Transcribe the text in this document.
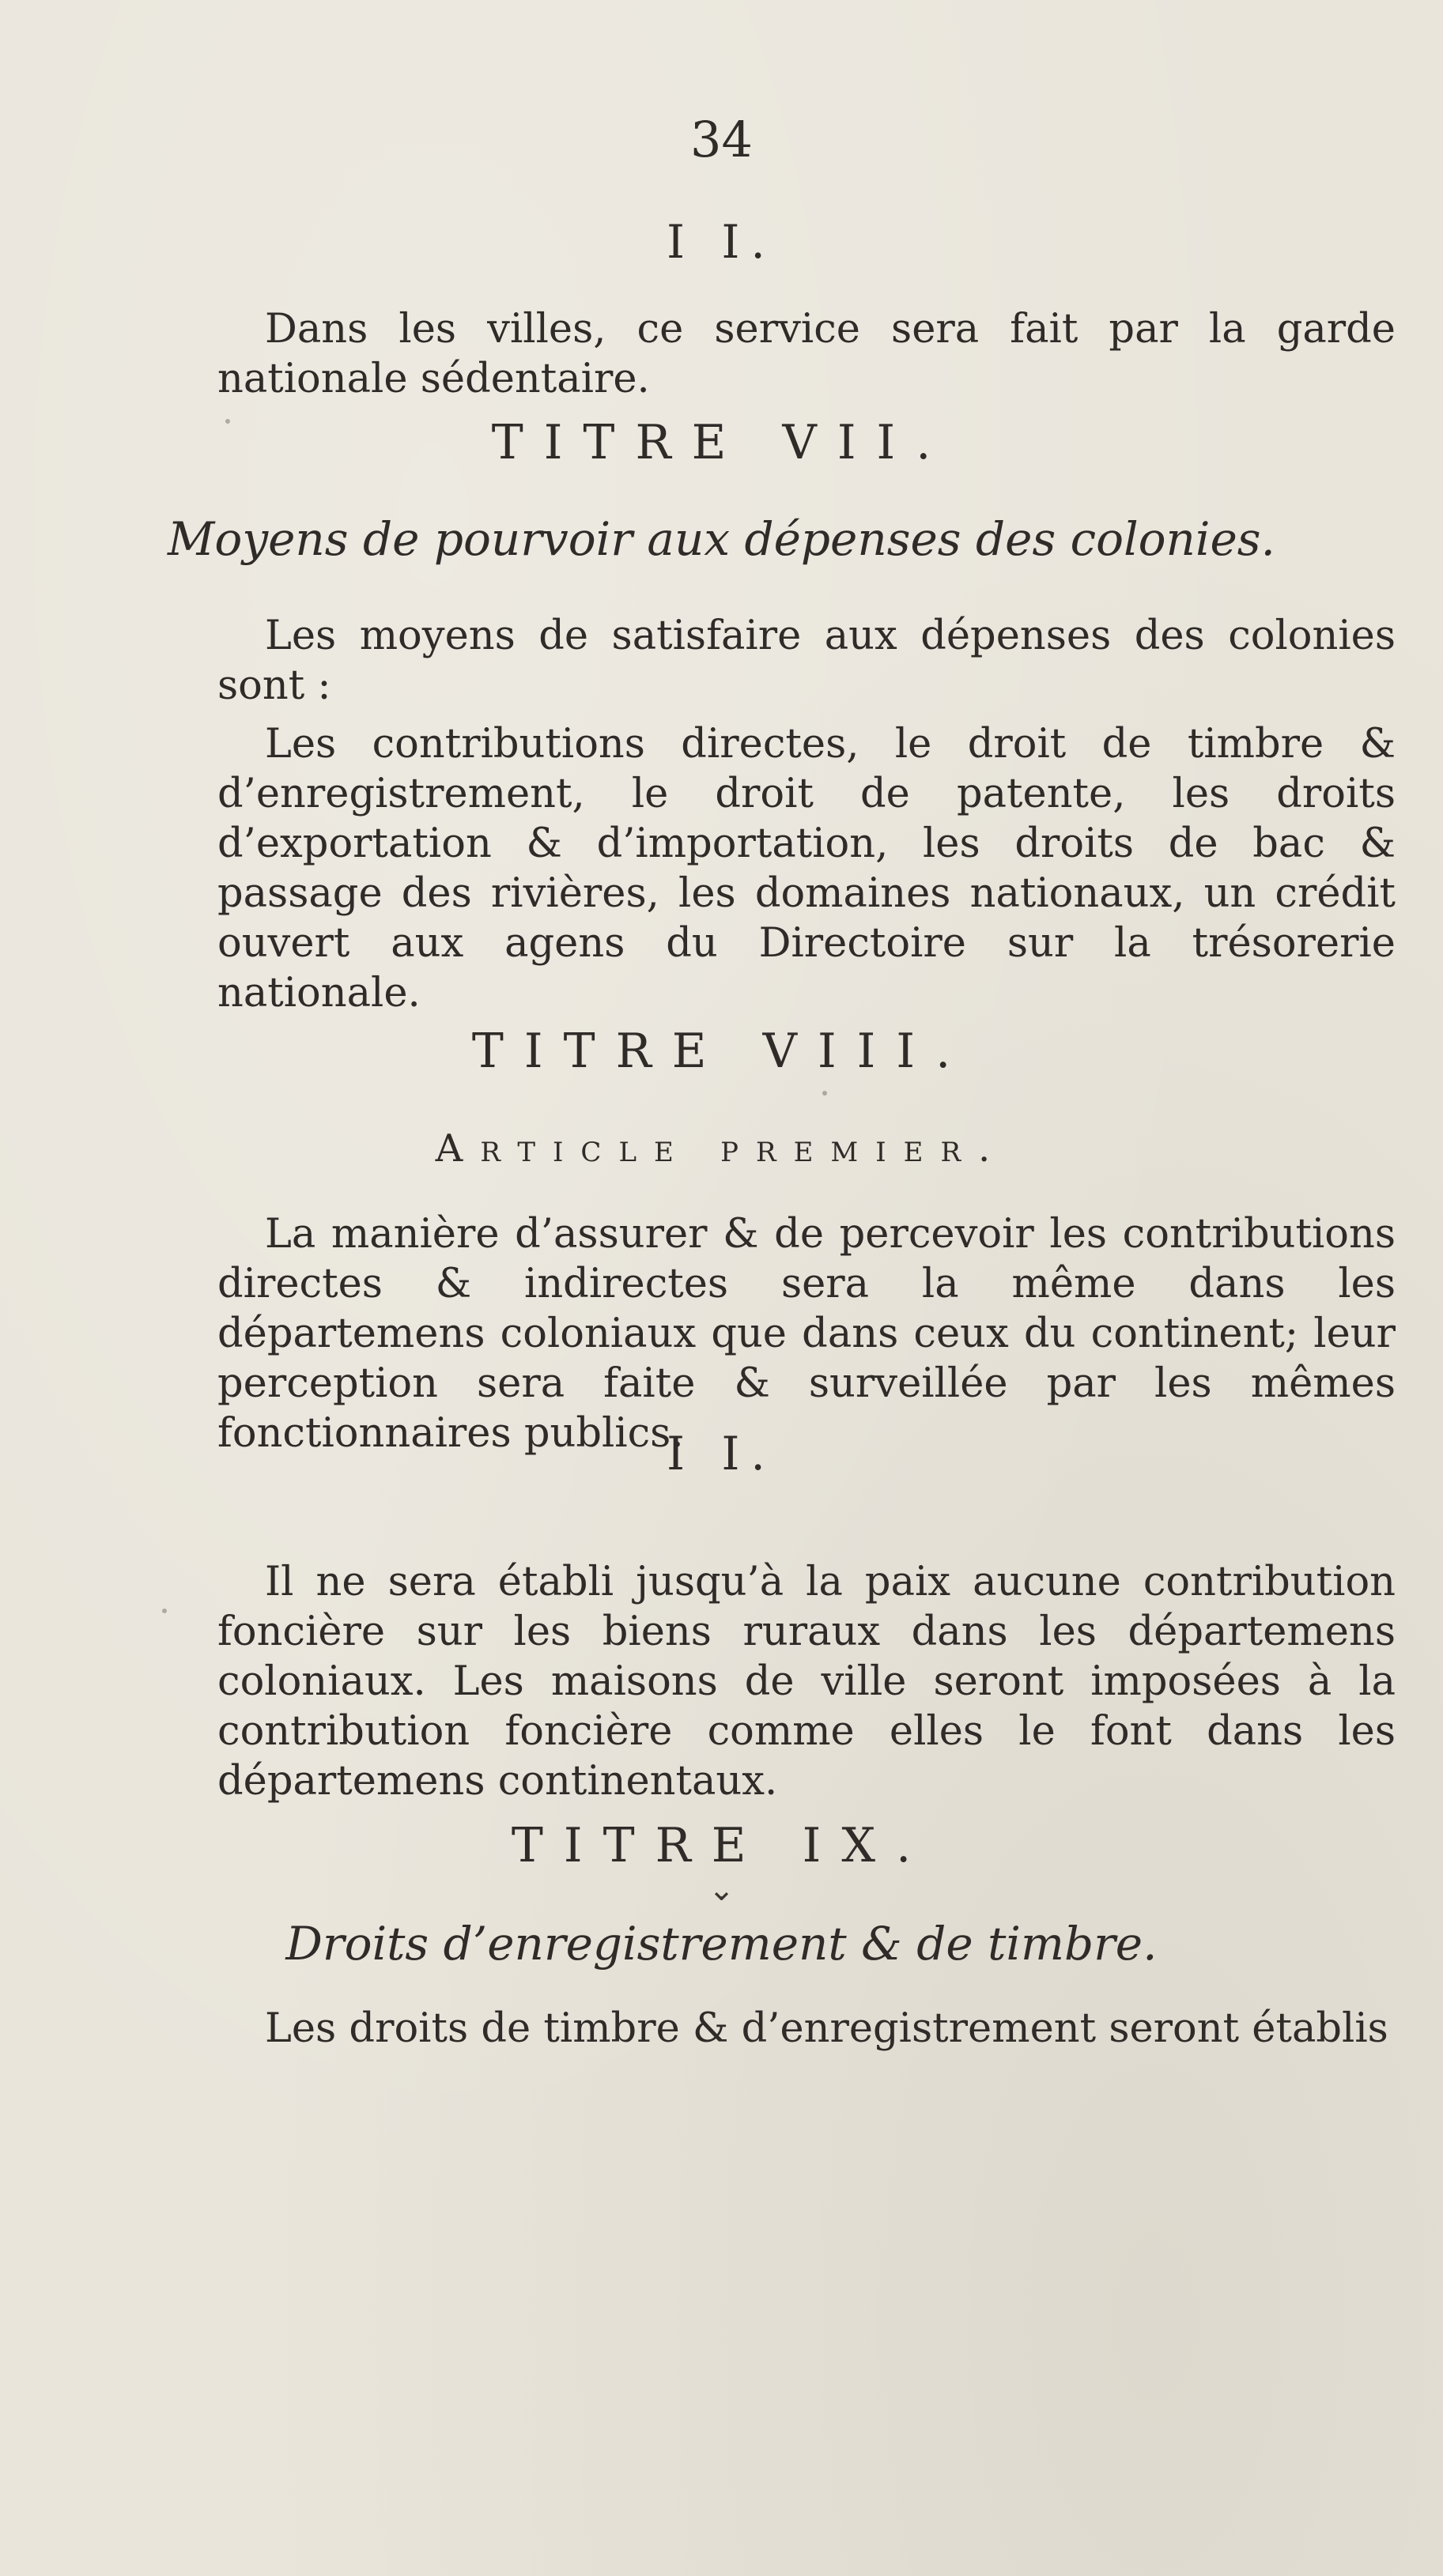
34
I I.

Dans les villes, ce service sera fait par la garde nationale sédentaire.

TITRE VII.
Moyens de pourvoir aux dépenses des colonies.

Les moyens de satisfaire aux dépenses des colonies sont :

Les contributions directes, le droit de timbre & d’enregistrement, le droit de patente, les droits d’exportation & d’importation, les droits de bac & passage des rivières, les domaines nationaux, un crédit ouvert aux agens du Directoire sur la trésorerie nationale.

TITRE VIII.
Article premier.

La manière d’assurer & de percevoir les contributions directes & indirectes sera la même dans les départemens coloniaux que dans ceux du continent; leur perception sera faite & surveillée par les mêmes fonctionnaires publics.

I I.

Il ne sera établi jusqu’à la paix aucune contribution foncière sur les biens ruraux dans les départemens coloniaux. Les maisons de ville seront imposées à la contribution foncière comme elles le font dans les départemens continentaux.

TITRE IX.
⌄
Droits d’enregistrement & de timbre.

Les droits de timbre & d’enregistrement seront établis
